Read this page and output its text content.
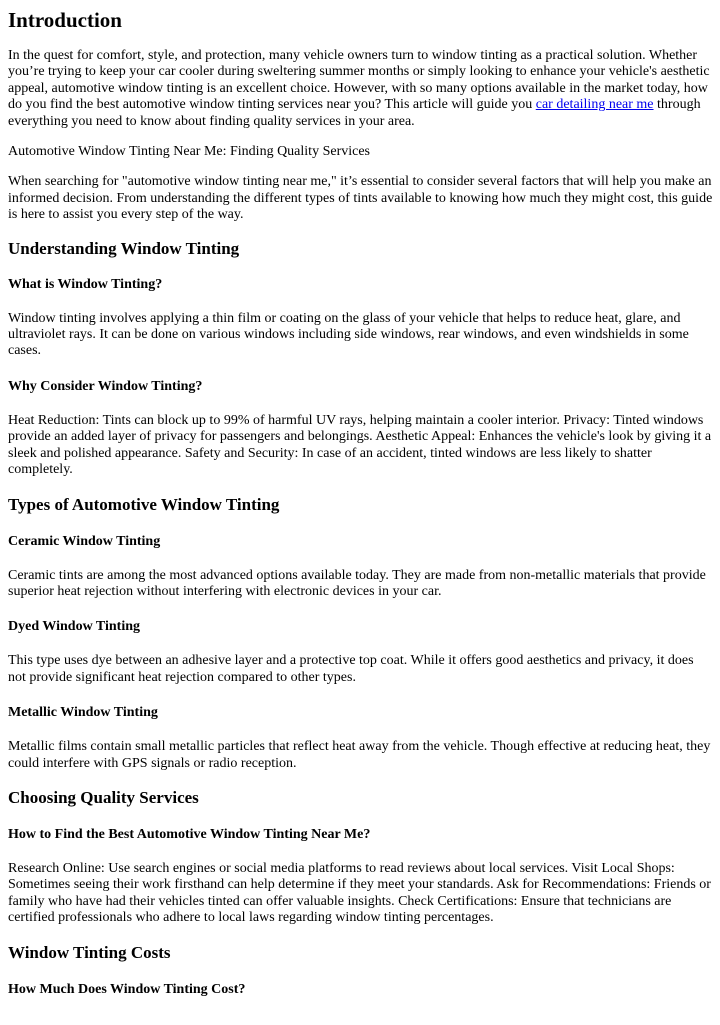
Introduction

In the quest for comfort, style, and protection, many vehicle owners turn to window tinting as a practical solution. Whether you’re trying to keep your car cooler during sweltering summer months or simply looking to enhance your vehicle's aesthetic appeal, automotive window tinting is an excellent choice. However, with so many options available in the market today, how do you find the best automotive window tinting services near you? This article will guide you car detailing near me through everything you need to know about finding quality services in your area.

Automotive Window Tinting Near Me: Finding Quality Services

When searching for "automotive window tinting near me," it’s essential to consider several factors that will help you make an informed decision. From understanding the different types of tints available to knowing how much they might cost, this guide is here to assist you every step of the way.

Understanding Window Tinting
What is Window Tinting?

Window tinting involves applying a thin film or coating on the glass of your vehicle that helps to reduce heat, glare, and ultraviolet rays. It can be done on various windows including side windows, rear windows, and even windshields in some cases.

Why Consider Window Tinting?

Heat Reduction: Tints can block up to 99% of harmful UV rays, helping maintain a cooler interior. Privacy: Tinted windows provide an added layer of privacy for passengers and belongings. Aesthetic Appeal: Enhances the vehicle's look by giving it a sleek and polished appearance. Safety and Security: In case of an accident, tinted windows are less likely to shatter completely.

Types of Automotive Window Tinting
Ceramic Window Tinting

Ceramic tints are among the most advanced options available today. They are made from non-metallic materials that provide superior heat rejection without interfering with electronic devices in your car.

Dyed Window Tinting

This type uses dye between an adhesive layer and a protective top coat. While it offers good aesthetics and privacy, it does not provide significant heat rejection compared to other types.

Metallic Window Tinting

Metallic films contain small metallic particles that reflect heat away from the vehicle. Though effective at reducing heat, they could interfere with GPS signals or radio reception.

Choosing Quality Services
How to Find the Best Automotive Window Tinting Near Me?

Research Online: Use search engines or social media platforms to read reviews about local services. Visit Local Shops: Sometimes seeing their work firsthand can help determine if they meet your standards. Ask for Recommendations: Friends or family who have had their vehicles tinted can offer valuable insights. Check Certifications: Ensure that technicians are certified professionals who adhere to local laws regarding window tinting percentages.

Window Tinting Costs
How Much Does Window Tinting Cost?
